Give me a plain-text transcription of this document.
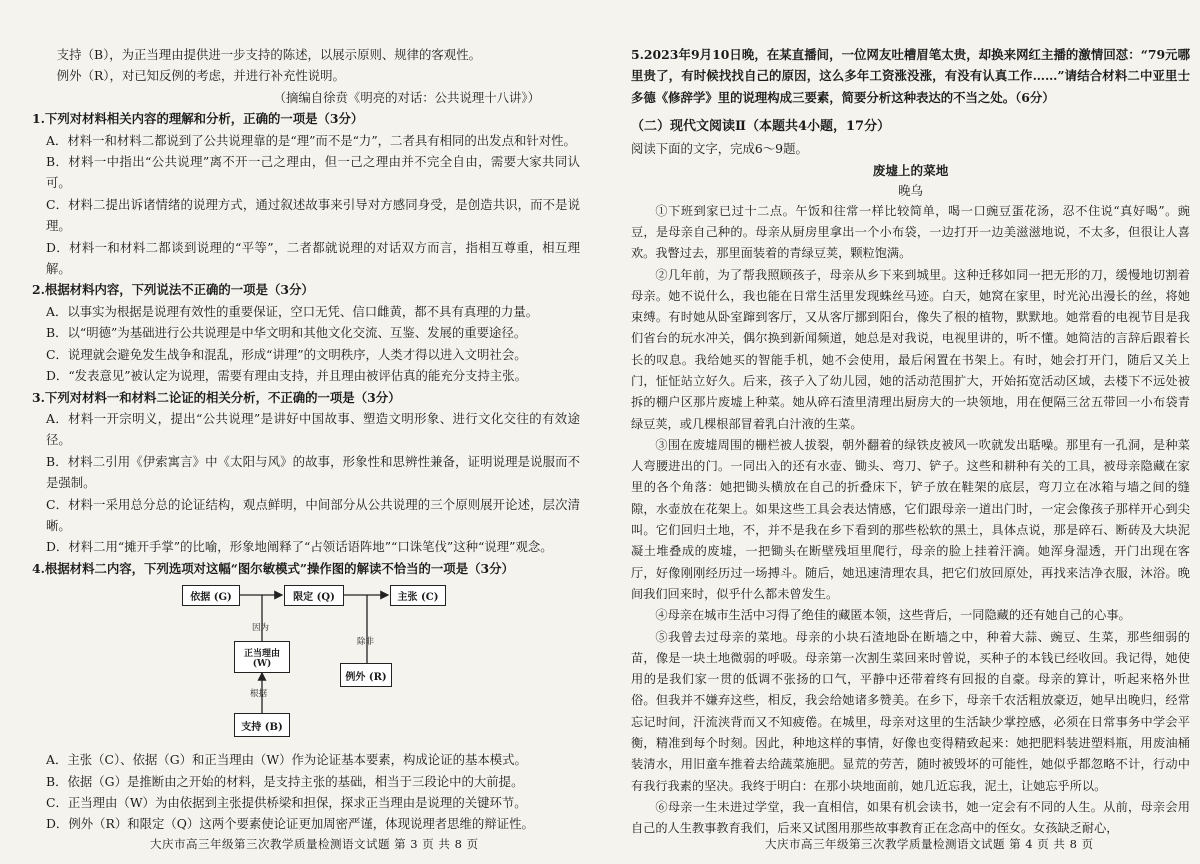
支持（B），为正当理由提供进一步支持的陈述，以展示原则、规律的客观性。

例外（R），对已知反例的考虑，并进行补充性说明。

（摘编自徐贲《明亮的对话：公共说理十八讲》）

1.下列对材料相关内容的理解和分析，正确的一项是（3分）

A．材料一和材料二都说到了公共说理靠的是“理”而不是“力”，二者具有相同的出发点和针对性。

B．材料一中指出“公共说理”离不开一己之理由，但一己之理由并不完全自由，需要大家共同认可。

C．材料二提出诉诸情绪的说理方式，通过叙述故事来引导对方感同身受，是创造共识，而不是说理。

D．材料一和材料二都谈到说理的“平等”，二者都就说理的对话双方而言，指相互尊重，相互理解。

2.根据材料内容，下列说法不正确的一项是（3分）

A．以事实为根据是说理有效性的重要保证，空口无凭、信口雌黄，都不具有真理的力量。

B．以“明德”为基础进行公共说理是中华文明和其他文化交流、互鉴、发展的重要途径。

C．说理就会避免发生战争和混乱，形成“讲理”的文明秩序，人类才得以进入文明社会。

D．“发表意见”被认定为说理，需要有理由支持，并且理由被评估真的能充分支持主张。

3.下列对材料一和材料二论证的相关分析，不正确的一项是（3分）

A．材料一开宗明义，提出“公共说理”是讲好中国故事、塑造文明形象、进行文化交往的有效途径。

B．材料二引用《伊索寓言》中《太阳与风》的故事，形象性和思辨性兼备，证明说理是说服而不是强制。

C．材料一采用总分总的论证结构，观点鲜明，中间部分从公共说理的三个原则展开论述，层次清晰。

D．材料二用“摊开手掌”的比喻，形象地阐释了“占领话语阵地”“口诛笔伐”这种“说理”观念。

4.根据材料二内容，下列选项对这幅“图尔敏模式”操作图的解读不恰当的一项是（3分）

依据 (G)	限定 (Q)	主张 (C)
因为
正当理由 (W)
除非
例外 (R)
根据
支持 (B)

A．主张（C）、依据（G）和正当理由（W）作为论证基本要素，构成论证的基本模式。

B．依据（G）是推断由之开始的材料，是支持主张的基础，相当于三段论中的大前提。

C．正当理由（W）为由依据到主张提供桥梁和担保，探求正当理由是说理的关键环节。

D．例外（R）和限定（Q）这两个要素使论证更加周密严谨，体现说理者思维的辩证性。

大庆市高三年级第三次教学质量检测语文试题 第 3 页 共 8 页

5.2023年9月10日晚，在某直播间，一位网友吐槽眉笔太贵，却换来网红主播的激情回怼：“79元哪里贵了，有时候找找自己的原因，这么多年工资涨没涨，有没有认真工作……”请结合材料二中亚里士多德《修辞学》里的说理构成三要素，简要分析这种表达的不当之处。（6分）

（二）现代文阅读Ⅱ（本题共4小题，17分）

阅读下面的文字，完成6～9题。

废墟上的菜地

晚乌

①下班到家已过十二点。午饭和往常一样比较简单，喝一口豌豆蛋花汤，忍不住说“真好喝”。豌豆，是母亲自己种的。母亲从厨房里拿出一个小布袋，一边打开一边美滋滋地说，不太多，但很让人喜欢。我瞥过去，那里面装着的青绿豆荚，颗粒饱满。

②几年前，为了帮我照顾孩子，母亲从乡下来到城里。这种迁移如同一把无形的刀，缓慢地切割着母亲。她不说什么，我也能在日常生活里发现蛛丝马迹。白天，她窝在家里，时光沁出漫长的丝，将她束缚。有时她从卧室蹿到客厅，又从客厅挪到阳台，像失了根的植物，默默地。她常看的电视节目是我们省台的玩水冲关，偶尔换到新闻频道，她总是对我说，电视里讲的，听不懂。她简洁的言辞后跟着长长的叹息。我给她买的智能手机，她不会使用，最后闲置在书架上。有时，她会打开门，随后又关上门，怔怔站立好久。后来，孩子入了幼儿园，她的活动范围扩大，开始拓宽活动区域，去楼下不远处被拆的棚户区那片废墟上种菜。她从碎石渣里清理出厨房大的一块领地，用在便隔三岔五带回一小布袋青绿豆荚，或几棵根部冒着乳白汁液的生菜。

③围在废墟周围的栅栏被人拔裂，朝外翻着的绿铁皮被风一吹就发出聒噪。那里有一孔洞，是种菜人弯腰进出的门。一同出入的还有水壶、锄头、弯刀、铲子。这些和耕种有关的工具，被母亲隐藏在家里的各个角落：她把锄头横放在自己的折叠床下，铲子放在鞋架的底层，弯刀立在冰箱与墙之间的缝隙，水壶放在花架上。如果这些工具会表达情感，它们跟母亲一道出门时，一定会像孩子那样开心到尖叫。它们回归土地，不，并不是我在乡下看到的那些松软的黑土，具体点说，那是碎石、断砖及大块泥凝土堆叠成的废墟，一把锄头在断壁残垣里爬行，母亲的脸上挂着汗滴。她浑身湿透，开门出现在客厅，好像刚刚经历过一场搏斗。随后，她迅速清理农具，把它们放回原处，再找来洁净衣服，沐浴。晚间我们回来时，似乎什么都未曾发生。

④母亲在城市生活中习得了绝佳的藏匿本领，这些背后，一同隐藏的还有她自己的心事。

⑤我曾去过母亲的菜地。母亲的小块石渣地卧在断墙之中，种着大蒜、豌豆、生菜，那些细弱的苗，像是一块土地微弱的呼吸。母亲第一次割生菜回来时曾说，买种子的本钱已经收回。我记得，她使用的是我们家一贯的低调不张扬的口气，平静中还带着终有回报的自豪。母亲的算计，听起来格外世俗。但我并不嫌弃这些，相反，我会给她诸多赞美。在乡下，母亲千农活粗放豪迈，她早出晚归，经常忘记时间，汗流浃背而又不知疲倦。在城里，母亲对这里的生活缺少掌控感，必须在日常事务中学会平衡，精准到每个时刻。因此，种地这样的事情，好像也变得精致起来：她把肥料装进塑料瓶，用废油桶装清水，用旧童车推着去给蔬菜施肥。显荒的劳苦，随时被毁坏的可能性，她似乎都忽略不计，行动中有我行我素的坚决。我终于明白：在那小块地面前，她几近忘我，泥土，让她忘乎所以。

⑥母亲一生未进过学堂，我一直相信，如果有机会读书，她一定会有不同的人生。从前，母亲会用自己的人生教事教育我们，后来又试图用那些故事教育正在念高中的侄女。女孩缺乏耐心，

大庆市高三年级第三次教学质量检测语文试题 第 4 页 共 8 页
